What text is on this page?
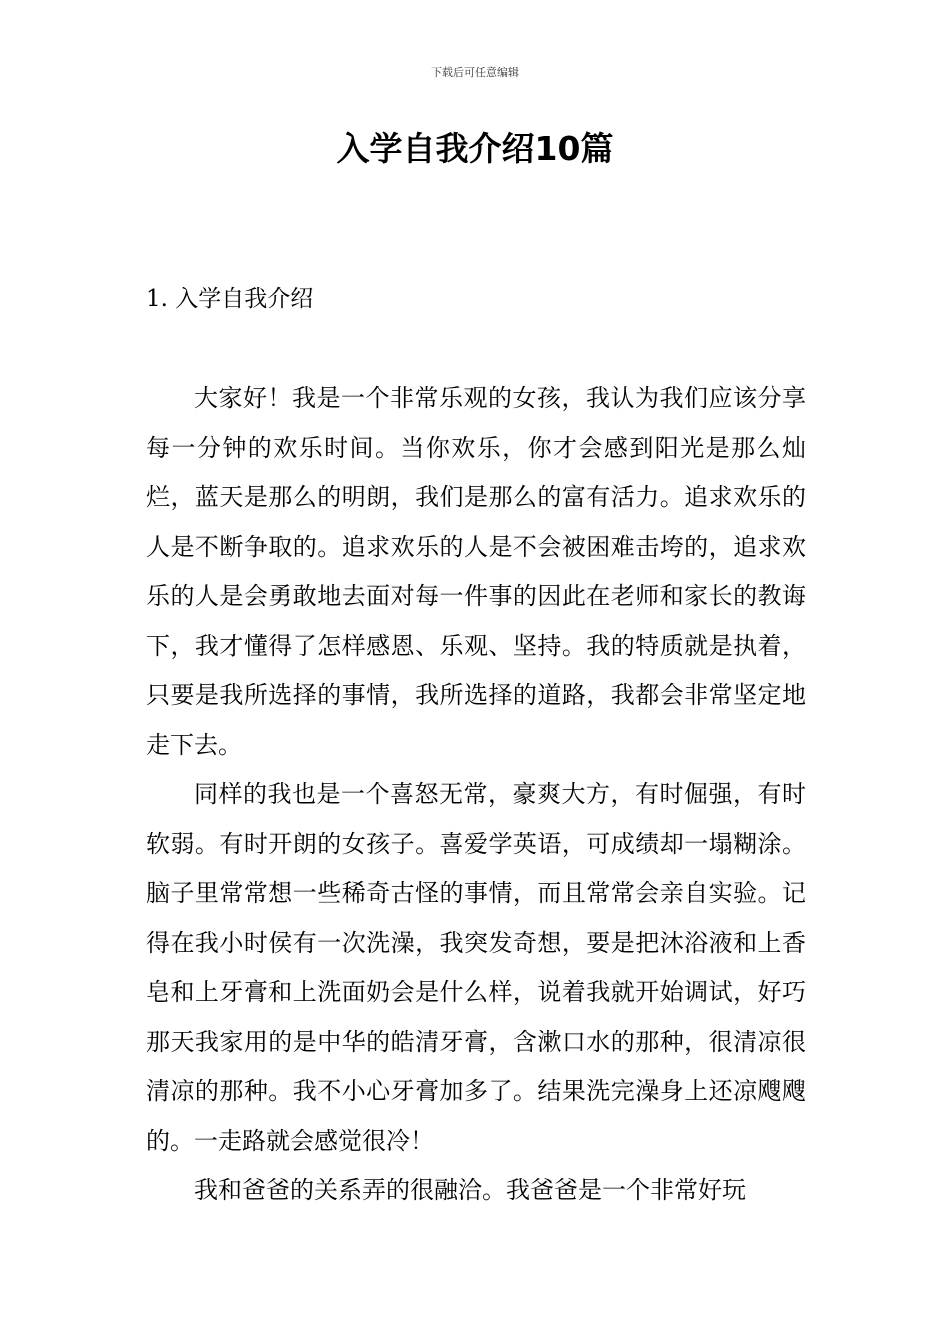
下载后可任意编辑
入学自我介绍10篇
1. 入学自我介绍

大家好！我是一个非常乐观的女孩，我认为我们应该分享每一分钟的欢乐时间。当你欢乐，你才会感到阳光是那么灿烂，蓝天是那么的明朗，我们是那么的富有活力。追求欢乐的人是不断争取的。追求欢乐的人是不会被困难击垮的，追求欢乐的人是会勇敢地去面对每一件事的因此在老师和家长的教诲下，我才懂得了怎样感恩、乐观、坚持。我的特质就是执着，只要是我所选择的事情，我所选择的道路，我都会非常坚定地走下去。

同样的我也是一个喜怒无常，豪爽大方，有时倔强，有时软弱。有时开朗的女孩子。喜爱学英语，可成绩却一塌糊涂。脑子里常常想一些稀奇古怪的事情，而且常常会亲自实验。记得在我小时侯有一次洗澡，我突发奇想，要是把沐浴液和上香皂和上牙膏和上洗面奶会是什么样，说着我就开始调试，好巧那天我家用的是中华的皓清牙膏，含漱口水的那种，很清凉很清凉的那种。我不小心牙膏加多了。结果洗完澡身上还凉飕飕的。一走路就会感觉很冷！

我和爸爸的关系弄的很融洽。我爸爸是一个非常好玩
